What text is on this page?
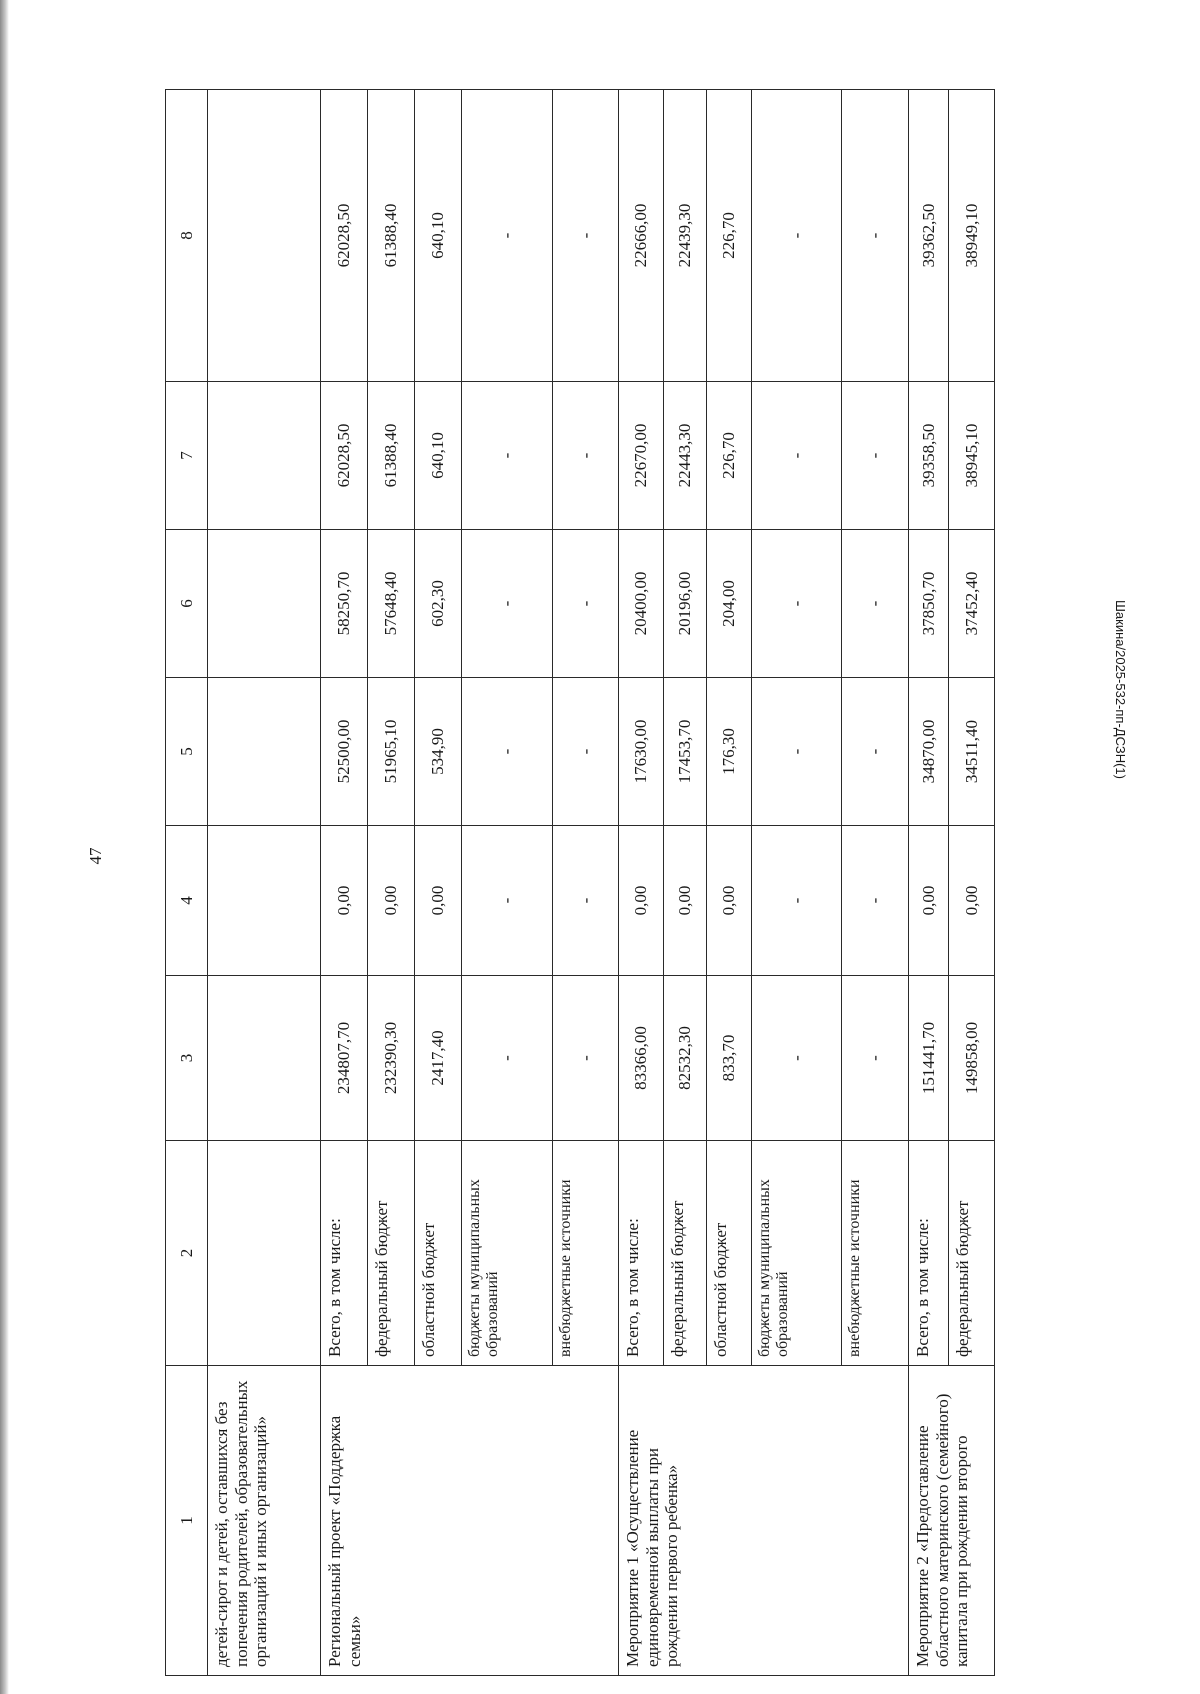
47
Шакина/2025-532-пп-ДСЗН(1)
1	2	3	4	5	6	7	8
детей-сирот и детей, оставшихся без попечения родителей, образовательных организаций и иных организаций»							
Региональный проект «Поддержка семьи»	Всего, в том числе:	234807,70	0,00	52500,00	58250,70	62028,50	62028,50
	федеральный бюджет	232390,30	0,00	51965,10	57648,40	61388,40	61388,40
	областной бюджет	2417,40	0,00	534,90	602,30	640,10	640,10
	бюджеты муниципальных образований	-	-	-	-	-	-
	внебюджетные источники	-	-	-	-	-	-
Мероприятие 1 «Осуществление единовременной выплаты при рождении первого ребенка»	Всего, в том числе:	83366,00	0,00	17630,00	20400,00	22670,00	22666,00
	федеральный бюджет	82532,30	0,00	17453,70	20196,00	22443,30	22439,30
	областной бюджет	833,70	0,00	176,30	204,00	226,70	226,70
	бюджеты муниципальных образований	-	-	-	-	-	-
	внебюджетные источники	-	-	-	-	-	-
Мероприятие 2 «Предоставление областного материнского (семейного) капитала при рождении второго	Всего, в том числе:	151441,70	0,00	34870,00	37850,70	39358,50	39362,50
	федеральный бюджет	149858,00	0,00	34511,40	37452,40	38945,10	38949,10
